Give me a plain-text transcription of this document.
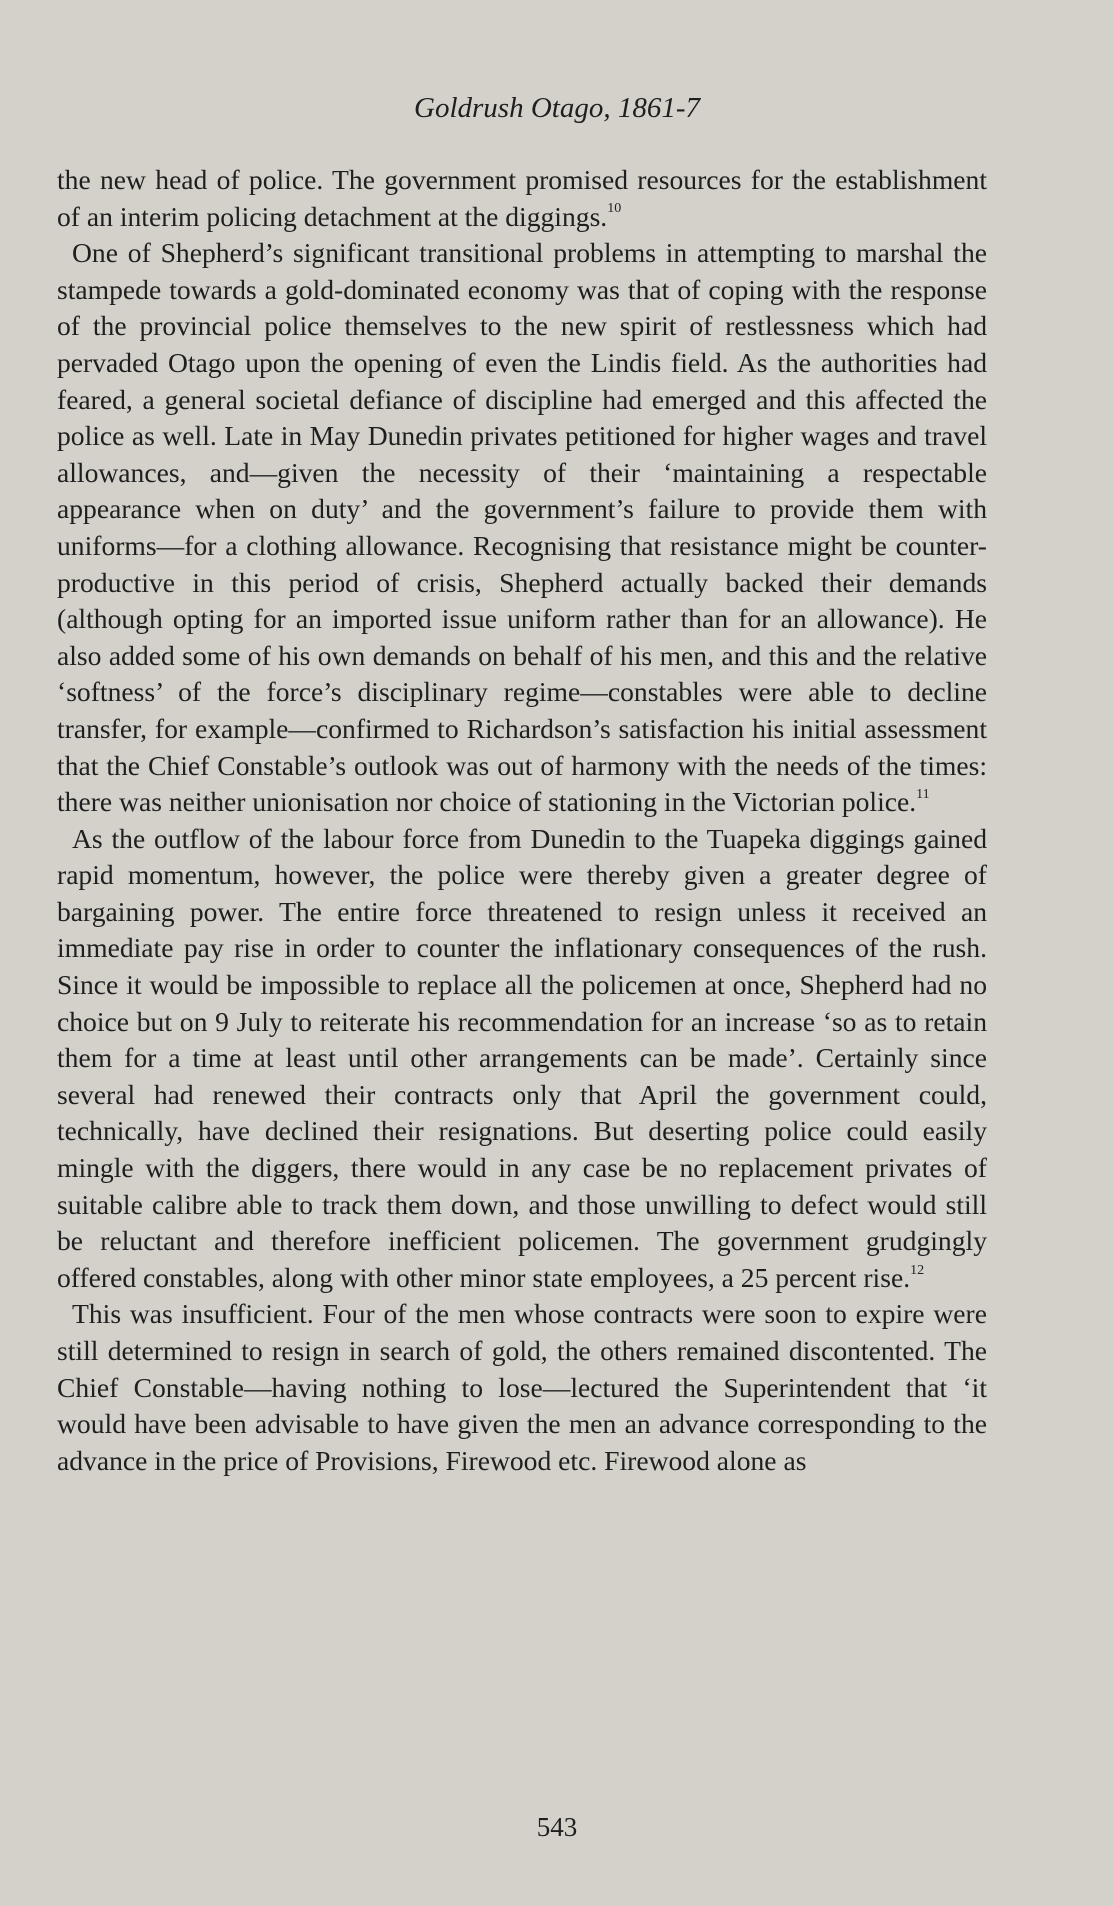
Goldrush Otago, 1861-7

the new head of police. The government promised resources for the establishment of an interim policing detachment at the diggings.$^{10}$

One of Shepherd’s significant transitional problems in attempting to marshal the stampede towards a gold-dominated economy was that of coping with the response of the provincial police themselves to the new spirit of restlessness which had pervaded Otago upon the opening of even the Lindis field. As the authorities had feared, a general societal defiance of discipline had emerged and this affected the police as well. Late in May Dunedin privates petitioned for higher wages and travel allowances, and—given the necessity of their ‘maintaining a respectable appearance when on duty’ and the government’s failure to provide them with uniforms—for a clothing allowance. Recognising that resistance might be counter-productive in this period of crisis, Shepherd actually backed their demands (although opting for an imported issue uniform rather than for an allowance). He also added some of his own demands on behalf of his men, and this and the relative ‘softness’ of the force’s disciplinary regime—constables were able to decline transfer, for example—confirmed to Richardson’s satisfaction his initial assessment that the Chief Constable’s outlook was out of harmony with the needs of the times: there was neither unionisation nor choice of stationing in the Victorian police.$^{11}$

As the outflow of the labour force from Dunedin to the Tuapeka diggings gained rapid momentum, however, the police were thereby given a greater degree of bargaining power. The entire force threatened to resign unless it received an immediate pay rise in order to counter the inflationary consequences of the rush. Since it would be impossible to replace all the policemen at once, Shepherd had no choice but on 9 July to reiterate his recommendation for an increase ‘so as to retain them for a time at least until other arrangements can be made’. Certainly since several had renewed their contracts only that April the government could, technically, have declined their resignations. But deserting police could easily mingle with the diggers, there would in any case be no replacement privates of suitable calibre able to track them down, and those unwilling to defect would still be reluctant and therefore inefficient policemen. The government grudgingly offered constables, along with other minor state employees, a 25 percent rise.$^{12}$

This was insufficient. Four of the men whose contracts were soon to expire were still determined to resign in search of gold, the others remained discontented. The Chief Constable—having nothing to lose—lectured the Superintendent that ‘it would have been advisable to have given the men an advance corresponding to the advance in the price of Provisions, Firewood etc. Firewood alone as

543
